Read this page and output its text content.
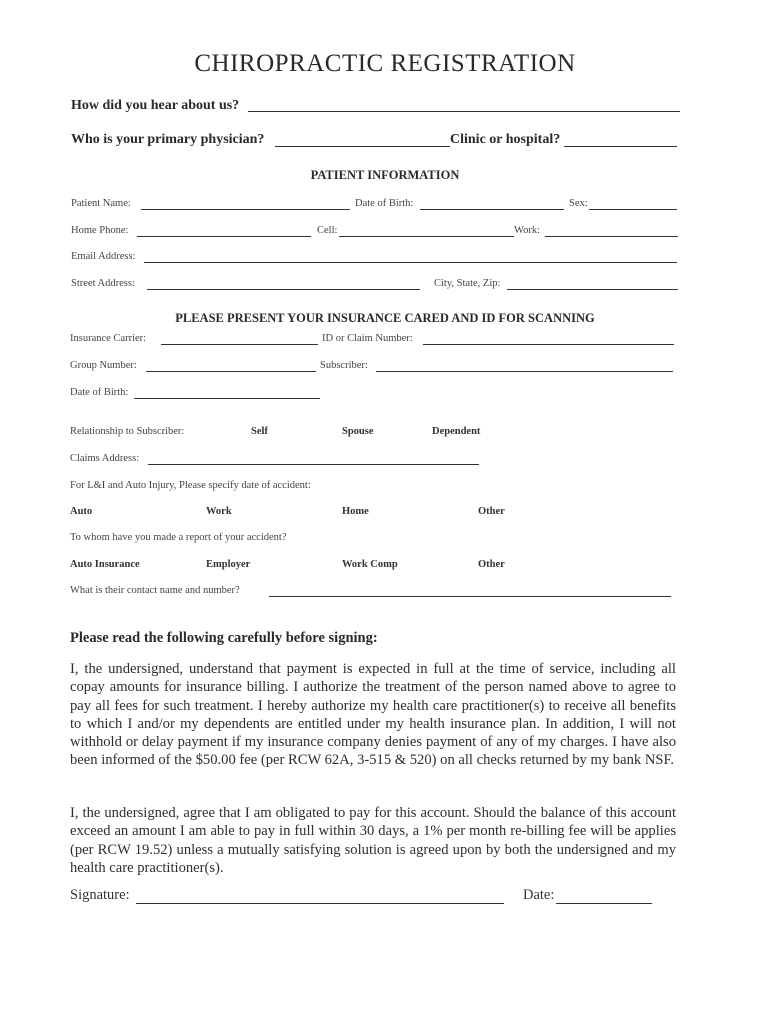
CHIROPRACTIC REGISTRATION
How did you hear about us?
Who is your primary physician?	Clinic or hospital?
PATIENT INFORMATION
Patient Name:	Date of Birth:	Sex:
Home Phone:	Cell:	Work:
Email Address:
Street Address:	City, State, Zip:
PLEASE PRESENT YOUR INSURANCE CARED AND ID FOR SCANNING
Insurance Carrier:	ID or Claim Number:
Group Number:	Subscriber:
Date of Birth:
Relationship to Subscriber:	Self	Spouse	Dependent
Claims Address:
For L&I and Auto Injury, Please specify date of accident:
Auto	Work	Home	Other
To whom have you made a report of your accident?
Auto Insurance	Employer	Work Comp	Other
What is their contact name and number?
Please read the following carefully before signing:
I, the undersigned, understand that payment is expected in full at the time of service, including all copay amounts for insurance billing. I authorize the treatment of the person named above to agree to pay all fees for such treatment. I hereby authorize my health care practitioner(s) to receive all benefits to which I and/or my dependents are entitled under my health insurance plan. In addition, I will not withhold or delay payment if my insurance company denies payment of any of my charges. I have also been informed of the $50.00 fee (per RCW 62A, 3-515 & 520) on all checks returned by my bank NSF.
I, the undersigned, agree that I am obligated to pay for this account. Should the balance of this account exceed an amount I am able to pay in full within 30 days, a 1% per month re-billing fee will be applies (per RCW 19.52) unless a mutually satisfying solution is agreed upon by both the undersigned and my health care practitioner(s).
Signature:	Date:
